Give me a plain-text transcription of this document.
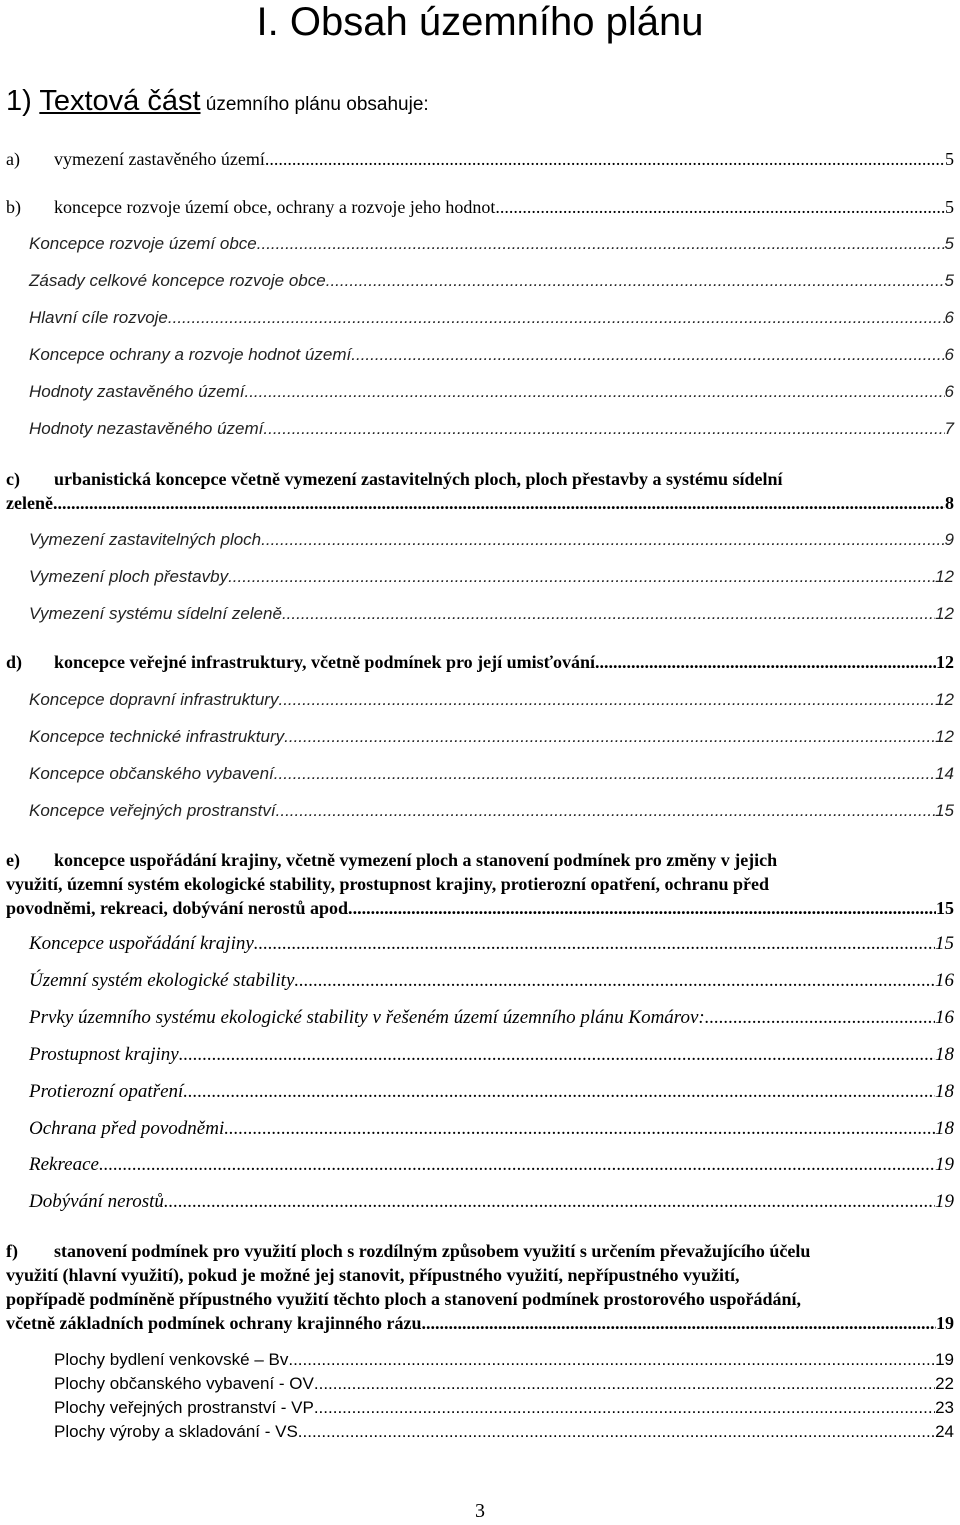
I. Obsah územního plánu
1) Textová část územního plánu obsahuje:
a) vymezení zastavěného území .....	5
b) koncepce rozvoje území obce, ochrany a rozvoje jeho hodnot .....	5
Koncepce rozvoje území obce .....	5
Zásady celkové koncepce rozvoje obce .....	5
Hlavní cíle rozvoje .....	6
Koncepce ochrany a rozvoje hodnot území .....	6
Hodnoty zastavěného území .....	6
Hodnoty nezastavěného území .....	7
c) urbanistická koncepce včetně vymezení zastavitelných ploch, ploch přestavby a systému sídelní
zeleně .....	8
Vymezení zastavitelných ploch .....	9
Vymezení ploch přestavby .....	12
Vymezení systému sídelní zeleně .....	12
d) koncepce veřejné infrastruktury, včetně podmínek pro její umisťování .....	12
Koncepce dopravní infrastruktury .....	12
Koncepce technické infrastruktury .....	12
Koncepce občanského vybavení .....	14
Koncepce veřejných prostranství .....	15
e) koncepce uspořádání krajiny, včetně vymezení ploch a stanovení podmínek pro změny v jejich
využití, územní systém ekologické stability, prostupnost krajiny, protierozní opatření, ochranu před
povodněmi, rekreaci, dobývání nerostů apod. .....	15
Koncepce uspořádání krajiny .....	15
Územní systém ekologické stability .....	16
Prvky územního systému ekologické stability v řešeném území územního plánu Komárov: .....	16
Prostupnost krajiny .....	18
Protierozní opatření .....	18
Ochrana před povodněmi .....	18
Rekreace .....	19
Dobývání nerostů .....	19
f) stanovení podmínek pro využití ploch s rozdílným způsobem využití s určením převažujícího účelu
využití (hlavní využití), pokud je možné jej stanovit, přípustného využití, nepřípustného využití,
popřípadě podmíněně přípustného využití těchto ploch a stanovení podmínek prostorového uspořádání,
včetně základních podmínek ochrany krajinného rázu .....	19
Plochy bydlení venkovské – Bv .....	19
Plochy občanského vybavení - OV .....	22
Plochy veřejných prostranství - VP .....	23
Plochy výroby a skladování - VS .....	24
3
